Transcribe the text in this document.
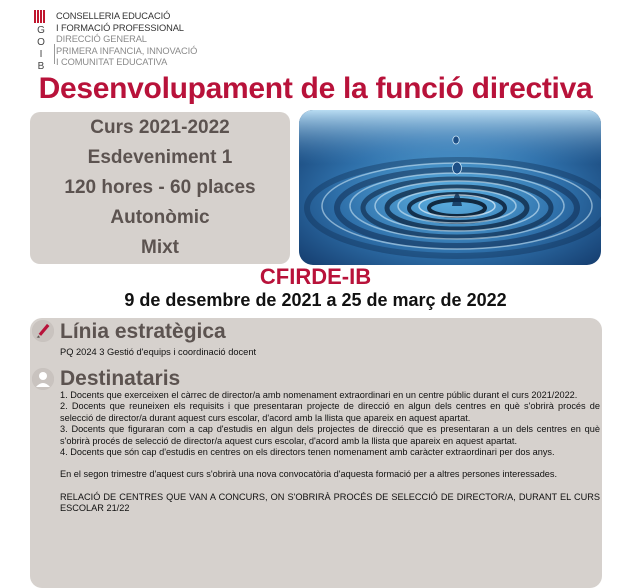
G
O
I
B
CONSELLERIA EDUCACIÓ
I FORMACIÓ PROFESSIONAL
DIRECCIÓ GENERAL
PRIMERA INFANCIA, INNOVACIÓ
I COMUNITAT EDUCATIVA
Desenvolupament de la funció directiva
Curs 2021-2022
Esdeveniment 1
120 hores - 60 places
Autonòmic
Mixt
CFIRDE-IB
9 de desembre de 2021 a 25 de març de 2022
Línia estratègica
PQ 2024 3 Gestió d'equips i coordinació docent
Destinataris

1. Docents que exerceixen el càrrec de director/a amb nomenament extraordinari en un centre públic durant el curs 2021/2022.

2. Docents que reuneixen els requisits i que presentaran projecte de direcció en algun dels centres en què s'obrirà procés de selecció de director/a durant aquest curs escolar, d'acord amb la llista que apareix en aquest apartat.

3. Docents que figuraran com a cap d'estudis en algun dels projectes de direcció que es presentaran a un dels centres en què s'obrirà procés de selecció de director/a aquest curs escolar, d'acord amb la llista que apareix en aquest apartat.

4. Docents que són cap d'estudis en centres on els directors tenen nomenament amb caràcter extraordinari per dos anys.

En el segon trimestre d'aquest curs s'obrirà una nova convocatòria d'aquesta formació per a altres persones interessades.

RELACIÓ DE CENTRES QUE VAN A CONCURS, ON S'OBRIRÀ PROCÉS DE SELECCIÓ DE DIRECTOR/A, DURANT EL CURS ESCOLAR 21/22
